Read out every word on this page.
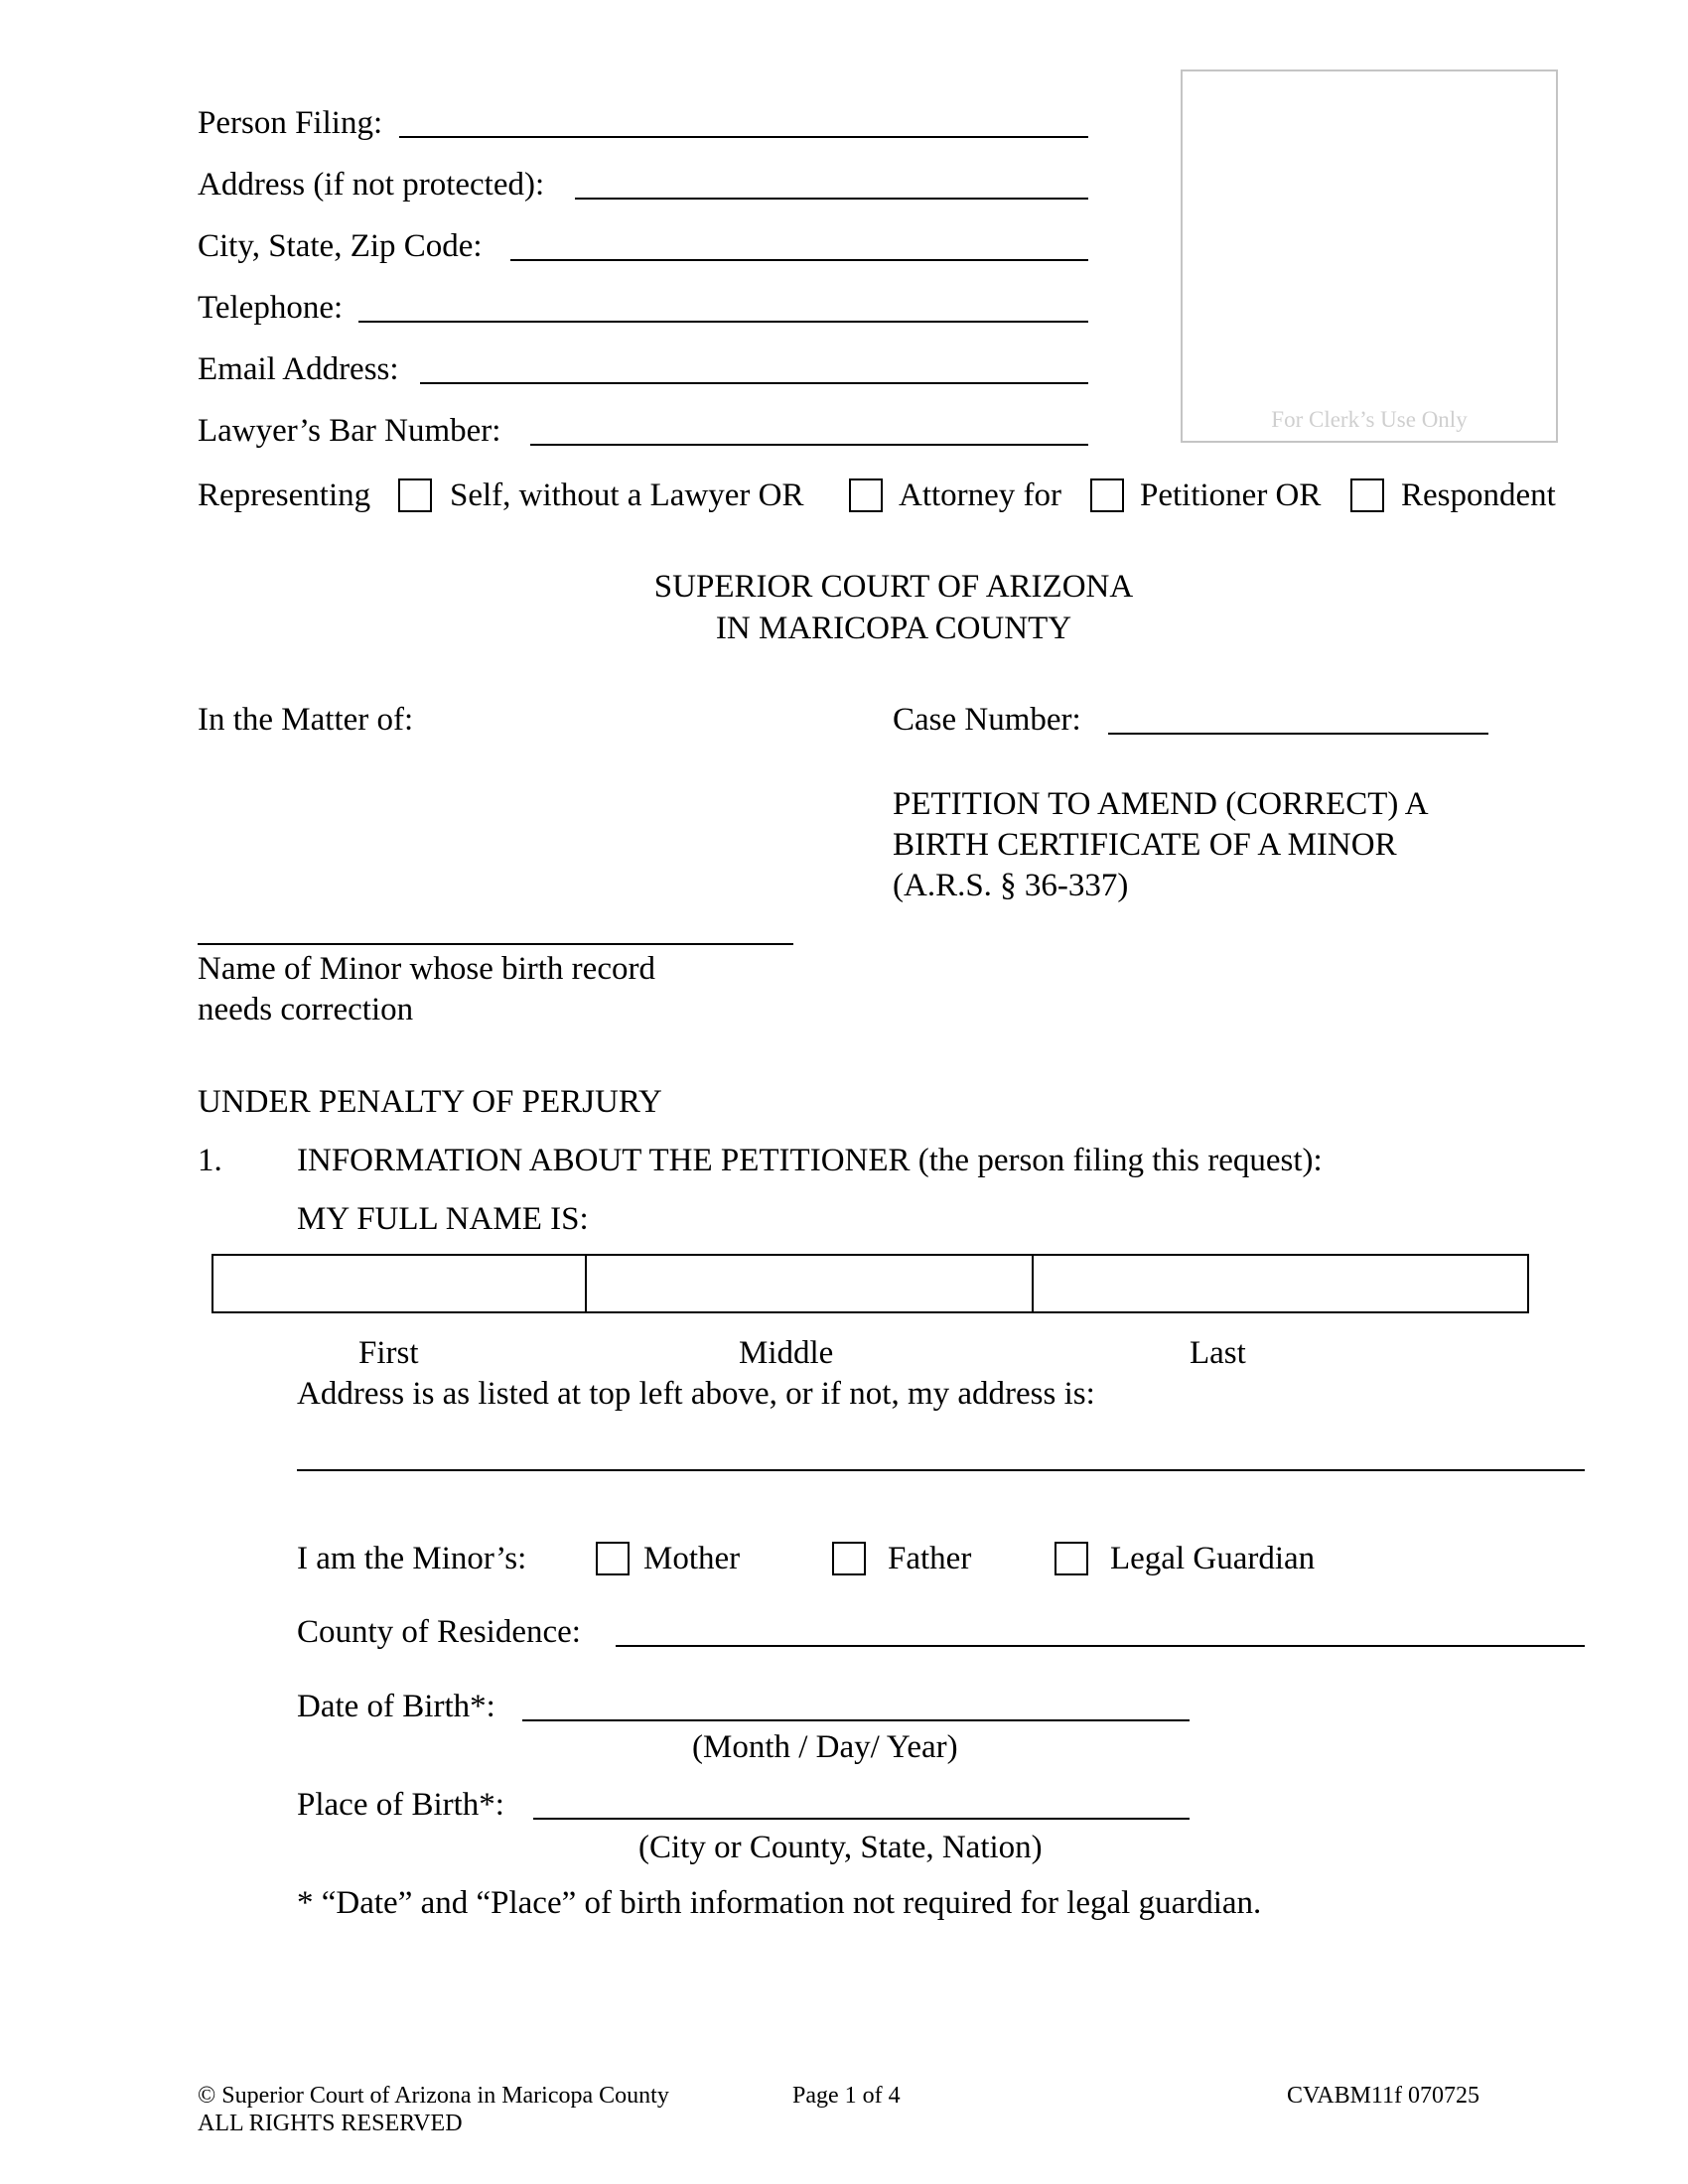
Person Filing:
Address (if not protected):
City, State, Zip Code:
Telephone:
Email Address:
Lawyer’s Bar Number:	For Clerk’s Use Only
Representing Self, without a Lawyer OR	Attorney for Petitioner OR Respondent
SUPERIOR COURT OF ARIZONA
IN MARICOPA COUNTY
In the Matter of:	Case Number:
PETITION TO AMEND (CORRECT) A
BIRTH CERTIFICATE OF A MINOR
(A.R.S. § 36-337)
Name of Minor whose birth record
needs correction
UNDER PENALTY OF PERJURY
1. INFORMATION ABOUT THE PETITIONER (the person filing this request):
MY FULL NAME IS:
First	Middle	Last
Address is as listed at top left above, or if not, my address is:
I am the Minor’s:	Mother	Father	Legal Guardian
County of Residence:
Date of Birth*:
(Month / Day/ Year)
Place of Birth*:
(City or County, State, Nation)
* “Date” and “Place” of birth information not required for legal guardian.
© Superior Court of Arizona in Maricopa County
ALL RIGHTS RESERVED
Page 1 of 4	CVABM11f 070725
